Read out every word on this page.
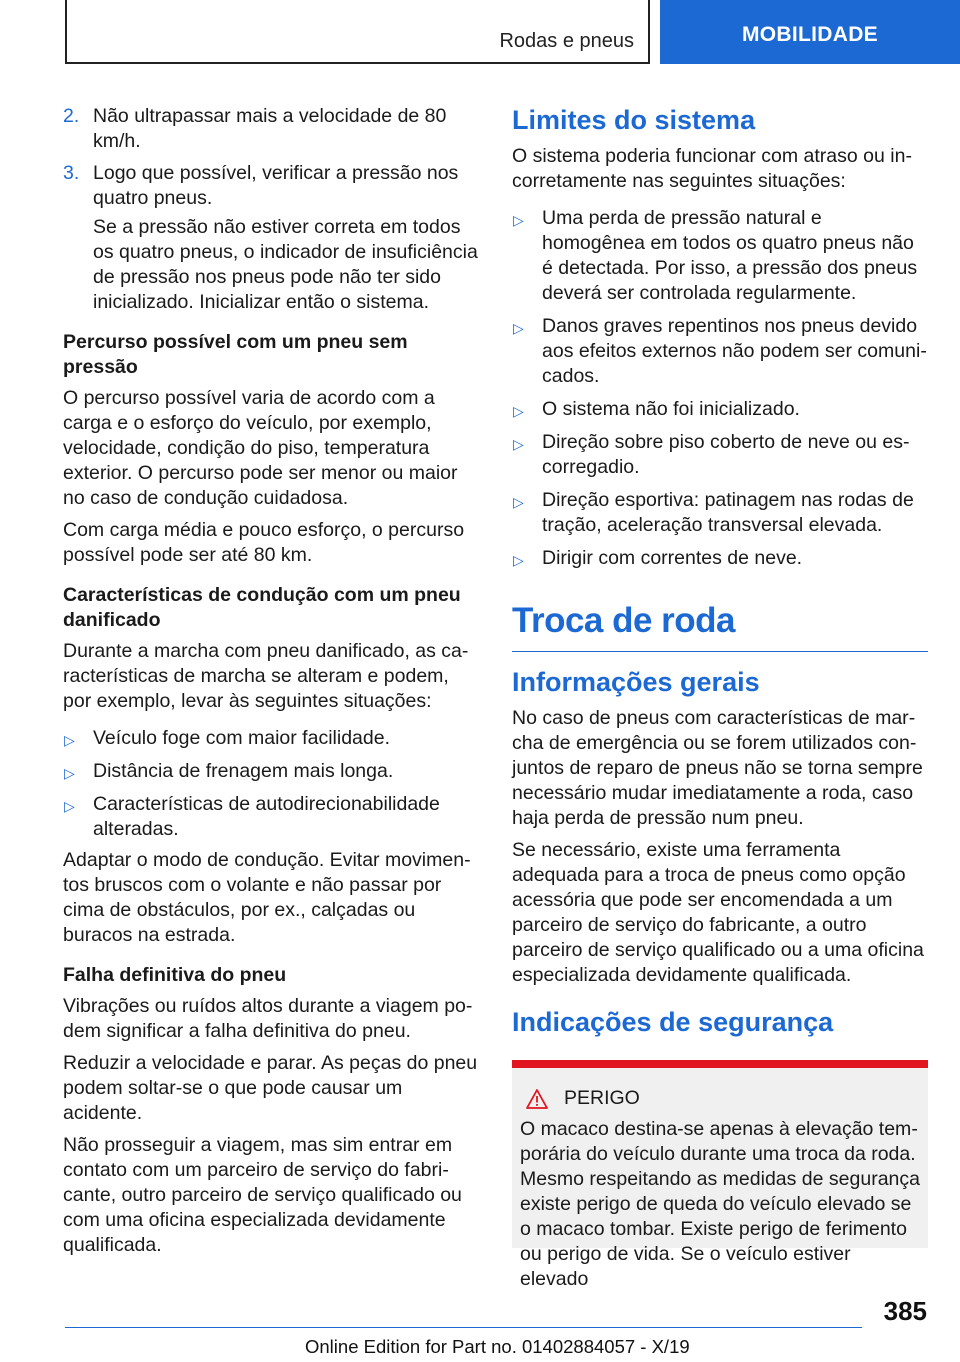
Rodas e pneus	MOBILIDADE
2. Não ultrapassar mais a velocidade de 80 km/h.
3. Logo que possível, verificar a pressão nos quatro pneus.

Se a pressão não estiver correta em todos os quatro pneus, o indicador de insuficiência de pressão nos pneus pode não ter sido inicializado. Inicializar então o sistema.

Percurso possível com um pneu sem pressão

O percurso possível varia de acordo com a carga e o esforço do veículo, por exemplo, velocidade, condição do piso, temperatura exterior. O percurso pode ser menor ou maior no caso de condução cuidadosa.

Com carga média e pouco esforço, o percurso possível pode ser até 80 km.

Características de condução com um pneu danificado

Durante a marcha com pneu danificado, as características de marcha se alteram e podem, por exemplo, levar às seguintes situações:

▷ Veículo foge com maior facilidade.
▷ Distância de frenagem mais longa.
▷ Características de autodirecionabilidade alteradas.

Adaptar o modo de condução. Evitar movimentos bruscos com o volante e não passar por cima de obstáculos, por ex., calçadas ou buracos na estrada.

Falha definitiva do pneu

Vibrações ou ruídos altos durante a viagem podem significar a falha definitiva do pneu.

Reduzir a velocidade e parar. As peças do pneu podem soltar-se o que pode causar um acidente.

Não prosseguir a viagem, mas sim entrar em contato com um parceiro de serviço do fabricante, outro parceiro de serviço qualificado ou com uma oficina especializada devidamente qualificada.

Limites do sistema

O sistema poderia funcionar com atraso ou incorretamente nas seguintes situações:

▷ Uma perda de pressão natural e homogênea em todos os quatro pneus não é detectada. Por isso, a pressão dos pneus deverá ser controlada regularmente.
▷ Danos graves repentinos nos pneus devido aos efeitos externos não podem ser comunicados.
▷ O sistema não foi inicializado.
▷ Direção sobre piso coberto de neve ou escorregadio.
▷ Direção esportiva: patinagem nas rodas de tração, aceleração transversal elevada.
▷ Dirigir com correntes de neve.
Troca de roda
Informações gerais

No caso de pneus com características de marcha de emergência ou se forem utilizados conjuntos de reparo de pneus não se torna sempre necessário mudar imediatamente a roda, caso haja perda de pressão num pneu.

Se necessário, existe uma ferramenta adequada para a troca de pneus como opção acessória que pode ser encomendada a um parceiro de serviço do fabricante, a outro parceiro de serviço qualificado ou a uma oficina especializada devidamente qualificada.

Indicações de segurança
PERIGO

O macaco destina-se apenas à elevação temporária do veículo durante uma troca da roda. Mesmo respeitando as medidas de segurança existe perigo de queda do veículo elevado se o macaco tombar. Existe perigo de ferimento ou perigo de vida. Se o veículo estiver elevado

385
Online Edition for Part no. 01402884057 - X/19
